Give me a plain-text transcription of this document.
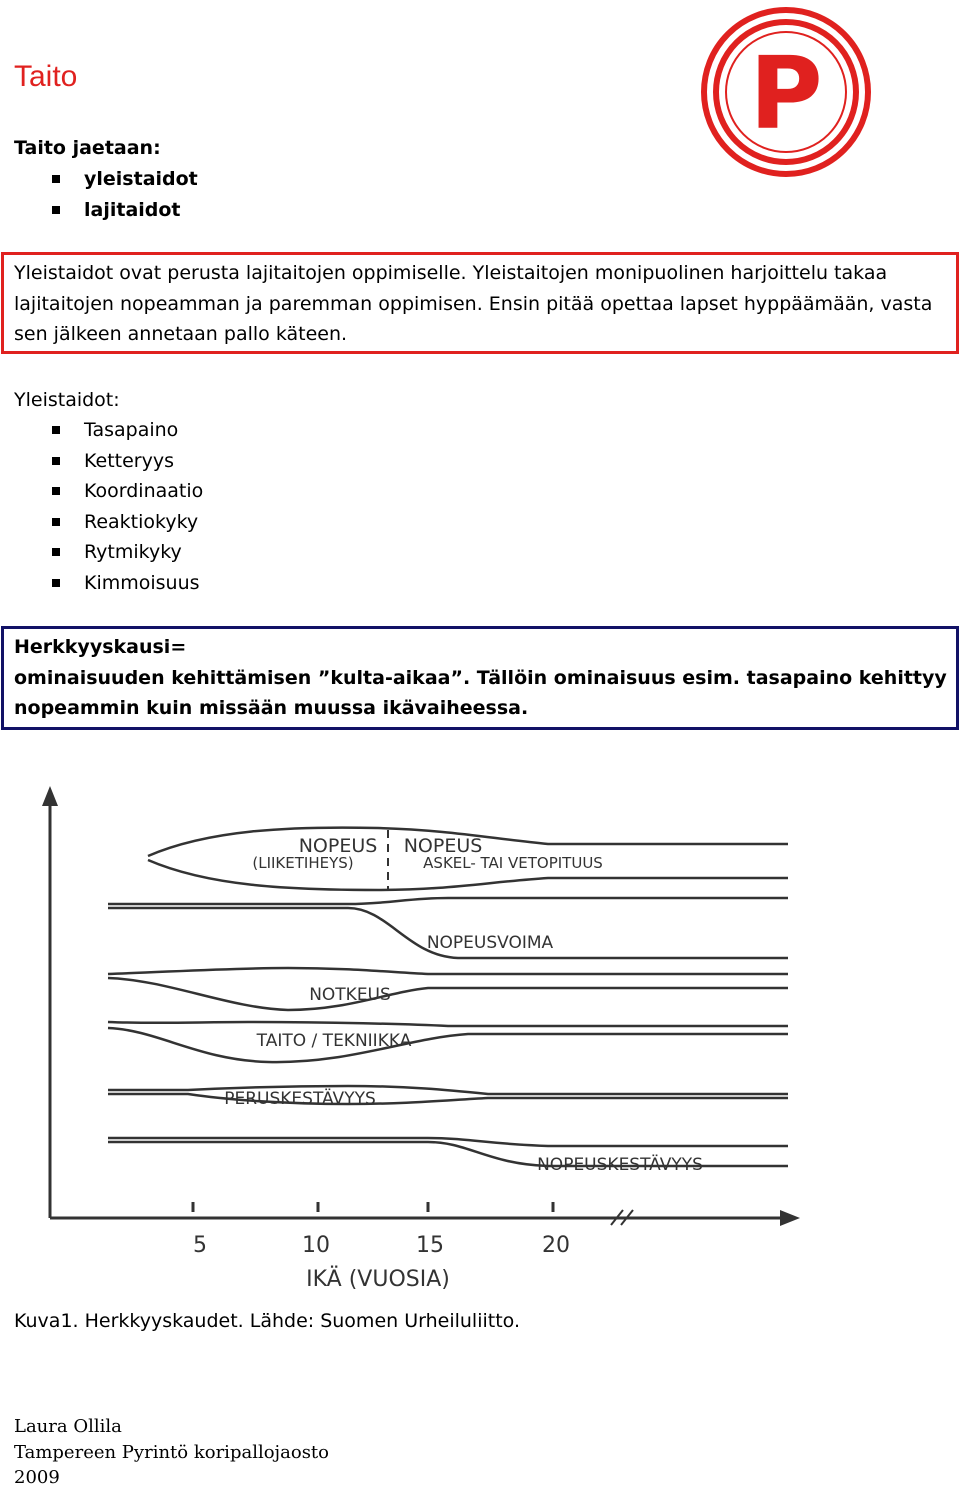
Taito	P
Taito jaetaan:
yleistaidot
lajitaidot
Yleistaidot ovat perusta lajitaitojen oppimiselle. Yleistaitojen monipuolinen harjoittelu takaa
lajitaitojen nopeamman ja paremman oppimisen. Ensin pitää opettaa lapset hyppäämään, vasta
sen jälkeen annetaan pallo käteen.
Yleistaidot:
Tasapaino
Ketteryys
Koordinaatio
Reaktiokyky
Rytmikyky
Kimmoisuus
Herkkyyskausi=
ominaisuuden kehittämisen ”kulta-aikaa”. Tällöin ominaisuus esim. tasapaino kehittyy
nopeammin kuin missään muussa ikävaiheessa.
NOPEUS
(LIIKETIHEYS)
NOPEUS
ASKEL- TAI VETOPITUUS
NOPEUSVOIMA
NOTKEUS
TAITO / TEKNIIKKA
PERUSKESTÄVYYS
NOPEUSKESTÄVYYS
5	10	15	20
IKÄ (VUOSIA)
Kuva1. Herkkyyskaudet. Lähde: Suomen Urheiluliitto.
Laura Ollila
Tampereen Pyrintö koripallojaosto
2009
